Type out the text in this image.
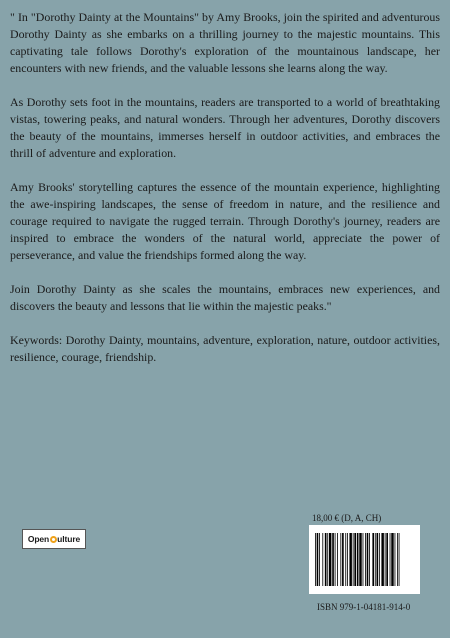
" In "Dorothy Dainty at the Mountains" by Amy Brooks, join the spirited and adventurous Dorothy Dainty as she embarks on a thrilling journey to the majestic mountains. This captivating tale follows Dorothy's exploration of the mountainous landscape, her encounters with new friends, and the valuable lessons she learns along the way.

As Dorothy sets foot in the mountains, readers are transported to a world of breathtaking vistas, towering peaks, and natural wonders. Through her adventures, Dorothy discovers the beauty of the mountains, immerses herself in outdoor activities, and embraces the thrill of adventure and exploration.

Amy Brooks' storytelling captures the essence of the mountain experience, highlighting the awe-inspiring landscapes, the sense of freedom in nature, and the resilience and courage required to navigate the rugged terrain. Through Dorothy's journey, readers are inspired to embrace the wonders of the natural world, appreciate the power of perseverance, and value the friendships formed along the way.

Join Dorothy Dainty as she scales the mountains, embraces new experiences, and discovers the beauty and lessons that lie within the majestic peaks."

Keywords: Dorothy Dainty, mountains, adventure, exploration, nature, outdoor activities, resilience, courage, friendship.

Open ulture
18,00 € (D, A, CH)
ISBN 979-1-04181-914-0
